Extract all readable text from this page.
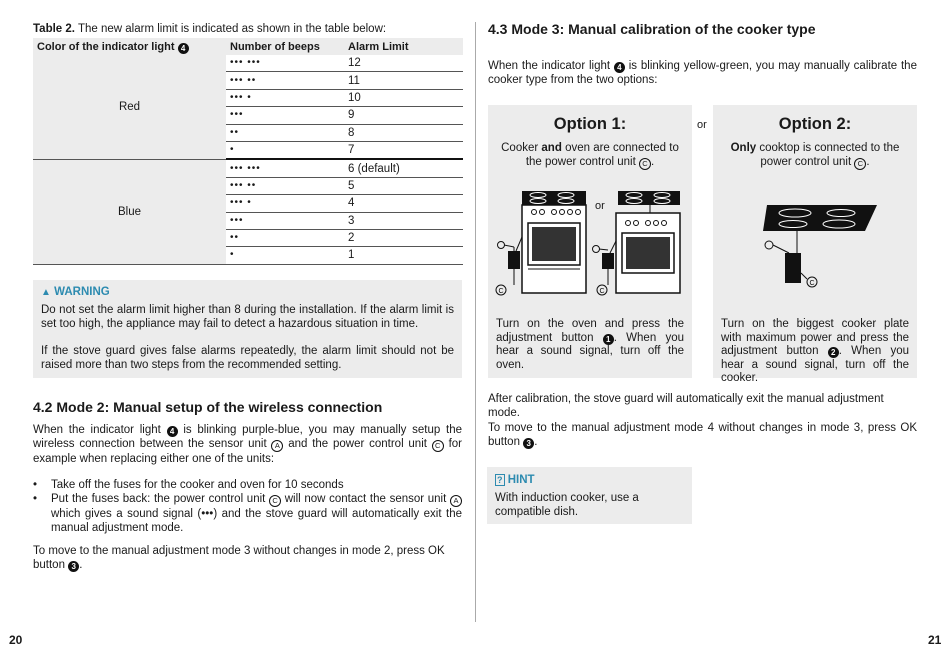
Table 2. The new alarm limit is indicated as shown in the table below:
Color of the indicator light 4	Number of beeps	Alarm Limit
Red	••• •••	12
	••• ••	11
	••• •	10
	•••	9
	••	8
	•	7
Blue	••• •••	6 (default)
	••• ••	5
	••• •	4
	•••	3
	••	2
	•	1
▲ WARNING
Do not set the alarm limit higher than 8 during the installation. If the alarm limit is set too high, the appliance may fail to detect a hazardous situation in time.
If the stove guard gives false alarms repeatedly, the alarm limit should not be raised more than two steps from the recommended setting.
4.2 Mode 2: Manual setup of the wireless connection
When the indicator light 4 is blinking purple-blue, you may manually setup the wireless connection between the sensor unit A and the power control unit C for example when replacing either one of the units:
• Take off the fuses for the cooker and oven for 10 seconds
• Put the fuses back: the power control unit C will now contact the sensor unit A which gives a sound signal (•••) and the stove guard will automatically exit the manual adjustment mode.
To move to the manual adjustment mode 3 without changes in mode 2, press OK button 3 .
20
4.3 Mode 3: Manual calibration of the cooker type
When the indicator light 4 is blinking yellow-green, you may manually calibrate the cooker type from the two options:
Option 1:
Cooker and oven are connected to the power control unit C .
C	C
or
Turn on the oven and press the adjustment button 1 . When you hear a sound signal, turn off the oven.
or	Option 2:
Only cooktop is connected to the power control unit C .
C
Turn on the biggest cooker plate with maximum power and press the adjustment button 2 . When you hear a sound signal, turn off the cooker.
After calibration, the stove guard will automatically exit the manual adjustment mode.
To move to the manual adjustment mode 4 without changes in mode 3, press OK button 3 .
? HINT
With induction cooker, use a compatible dish.
21
